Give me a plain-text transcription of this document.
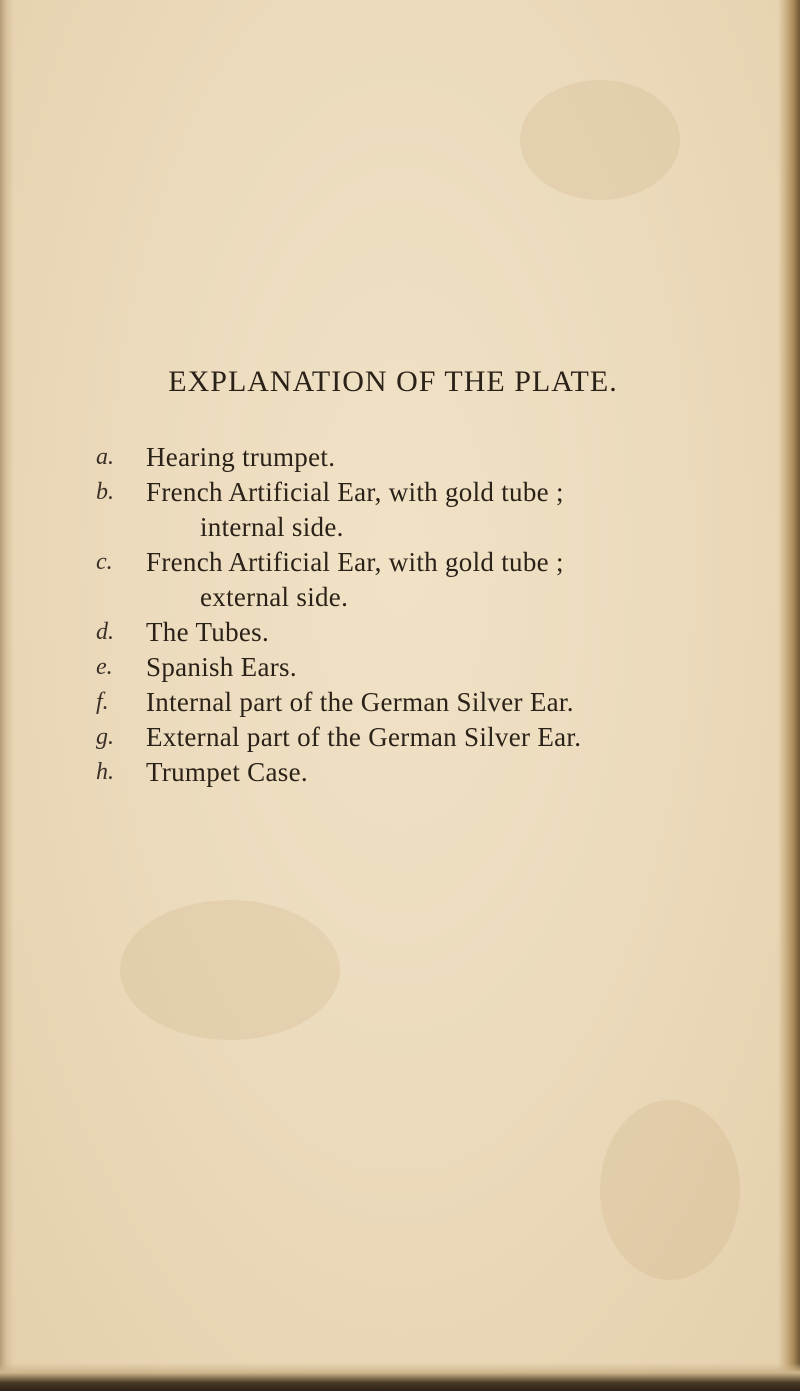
EXPLANATION OF THE PLATE.
a. Hearing trumpet.
b. French Artificial Ear, with gold tube ;
internal side.
c. French Artificial Ear, with gold tube ;
external side.
d. The Tubes.
e. Spanish Ears.
f. Internal part of the German Silver Ear.
g. External part of the German Silver Ear.
h. Trumpet Case.
